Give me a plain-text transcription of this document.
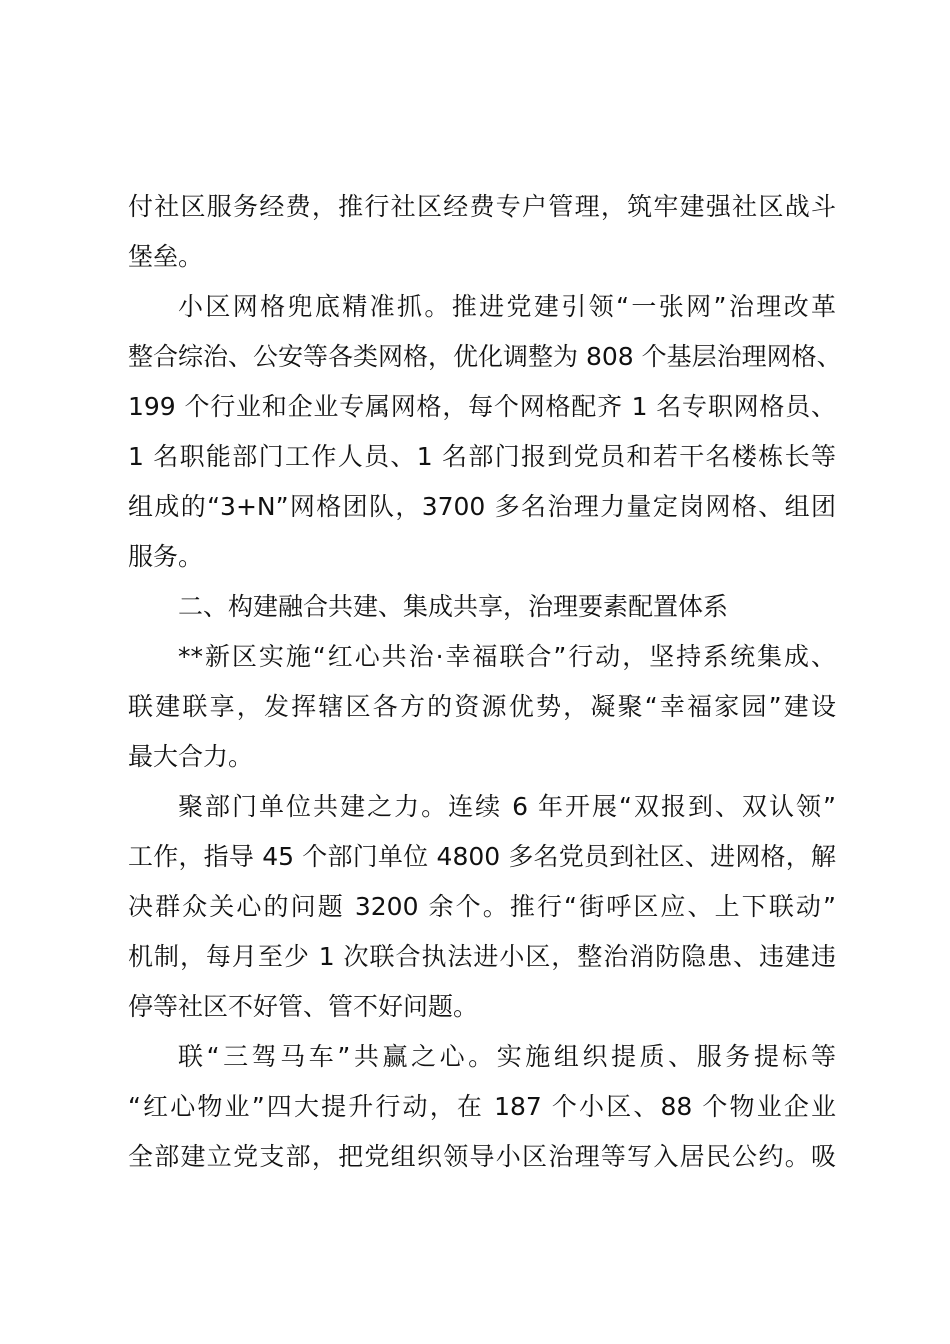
付社区服务经费，推行社区经费专户管理，筑牢建强社区战斗
堡垒。
小区网格兜底精准抓。推进党建引领“一张网”治理改革
整合综治、公安等各类网格，优化调整为 808 个基层治理网格、
199 个行业和企业专属网格，每个网格配齐 1 名专职网格员、
1 名职能部门工作人员、1 名部门报到党员和若干名楼栋长等
组成的“3+N”网格团队，3700 多名治理力量定岗网格、组团
服务。
二、构建融合共建、集成共享，治理要素配置体系
**新区实施“红心共治·幸福联合”行动，坚持系统集成、
联建联享，发挥辖区各方的资源优势，凝聚“幸福家园”建设
最大合力。
聚部门单位共建之力。连续 6 年开展“双报到、双认领”
工作，指导 45 个部门单位 4800 多名党员到社区、进网格，解
决群众关心的问题 3200 余个。推行“街呼区应、上下联动”
机制，每月至少 1 次联合执法进小区，整治消防隐患、违建违
停等社区不好管、管不好问题。
联“三驾马车”共赢之心。实施组织提质、服务提标等
“红心物业”四大提升行动，在 187 个小区、88 个物业企业
全部建立党支部，把党组织领导小区治理等写入居民公约。吸
